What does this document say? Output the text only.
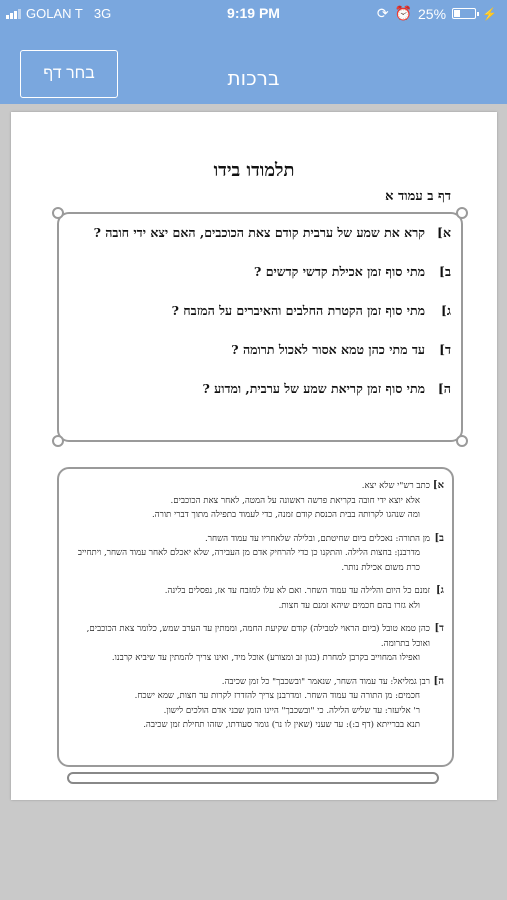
GOLAN T 3G	9:19 PM	⟳ ⏰ 25%	⚡
בחר דף	ברכות
תלמודו בידו
דף ב עמוד א
א]
קרא את שמע של ערבית קודם צאת הכוכבים, האם יצא ידי חובה ?
ב]
מתי סוף זמן אכילת קדשי קדשים ?
ג]
מתי סוף זמן הקטרת החלבים והאיברים על המזבח ?
ד]
עד מתי כהן טמא אסור לאכול תרומה ?
ה]
מתי סוף זמן קריאת שמע של ערבית, ומדוע ?
א]
כתב רש"י שלא יצא.
אלא יוצא ידי חובה בקריאת פרשה ראשונה על המטה, לאחר צאת הכוכבים.
ומה שנהגו לקרותה בבית הכנסת קודם זמנה, כדי לעמוד בתפילה מתוך דברי תורה.
ב]
מן התורה: נאכלים ביום שחיטתם, ובלילה שלאחריו עד עמוד השחר.
מדרבנן: בחצות הלילה. והתקנו כן כדי להרחיק אדם מן העבירה, שלא יאכלם לאחר עמוד השחר, ויתחייב כרת משום אכילת נותר.
ג]
זמנם כל היום והלילה עד עמוד השחר. ואם לא עלו למזבח עד אז, נפסלים בלינה.
ולא גזרו בהם חכמים שיהא זמנם עד חצות.
ד]
כהן טמא טובל (ביום הראוי לטבילה) קודם שקיעת החמה, וממתין עד הערב שמש, כלומר צאת הכוכבים, ואוכל בתרומה.
ואפילו המחוייב בקרבן למחרת (כגון זב ומצורע) אוכל מיד, ואינו צריך להמתין עד שיביא קרבנו.
ה]
רבן גמליאל: עד עמוד השחר, שנאמר "ובשכבך" כל זמן שכיבה.
חכמים: מן התורה עד עמוד השחר. ומדרבנן צריך להזדרז לקרות עד חצות, שמא ישכח.
ר' אליעזר: עד שליש הלילה. כי "ובשכבך" היינו הזמן שבני אדם הולכים לישון.
תנא בברייתא (דף ב:): עד שעני (שאין לו נר) גומר סעודתו, שזהו תחילת זמן שכיבה.
